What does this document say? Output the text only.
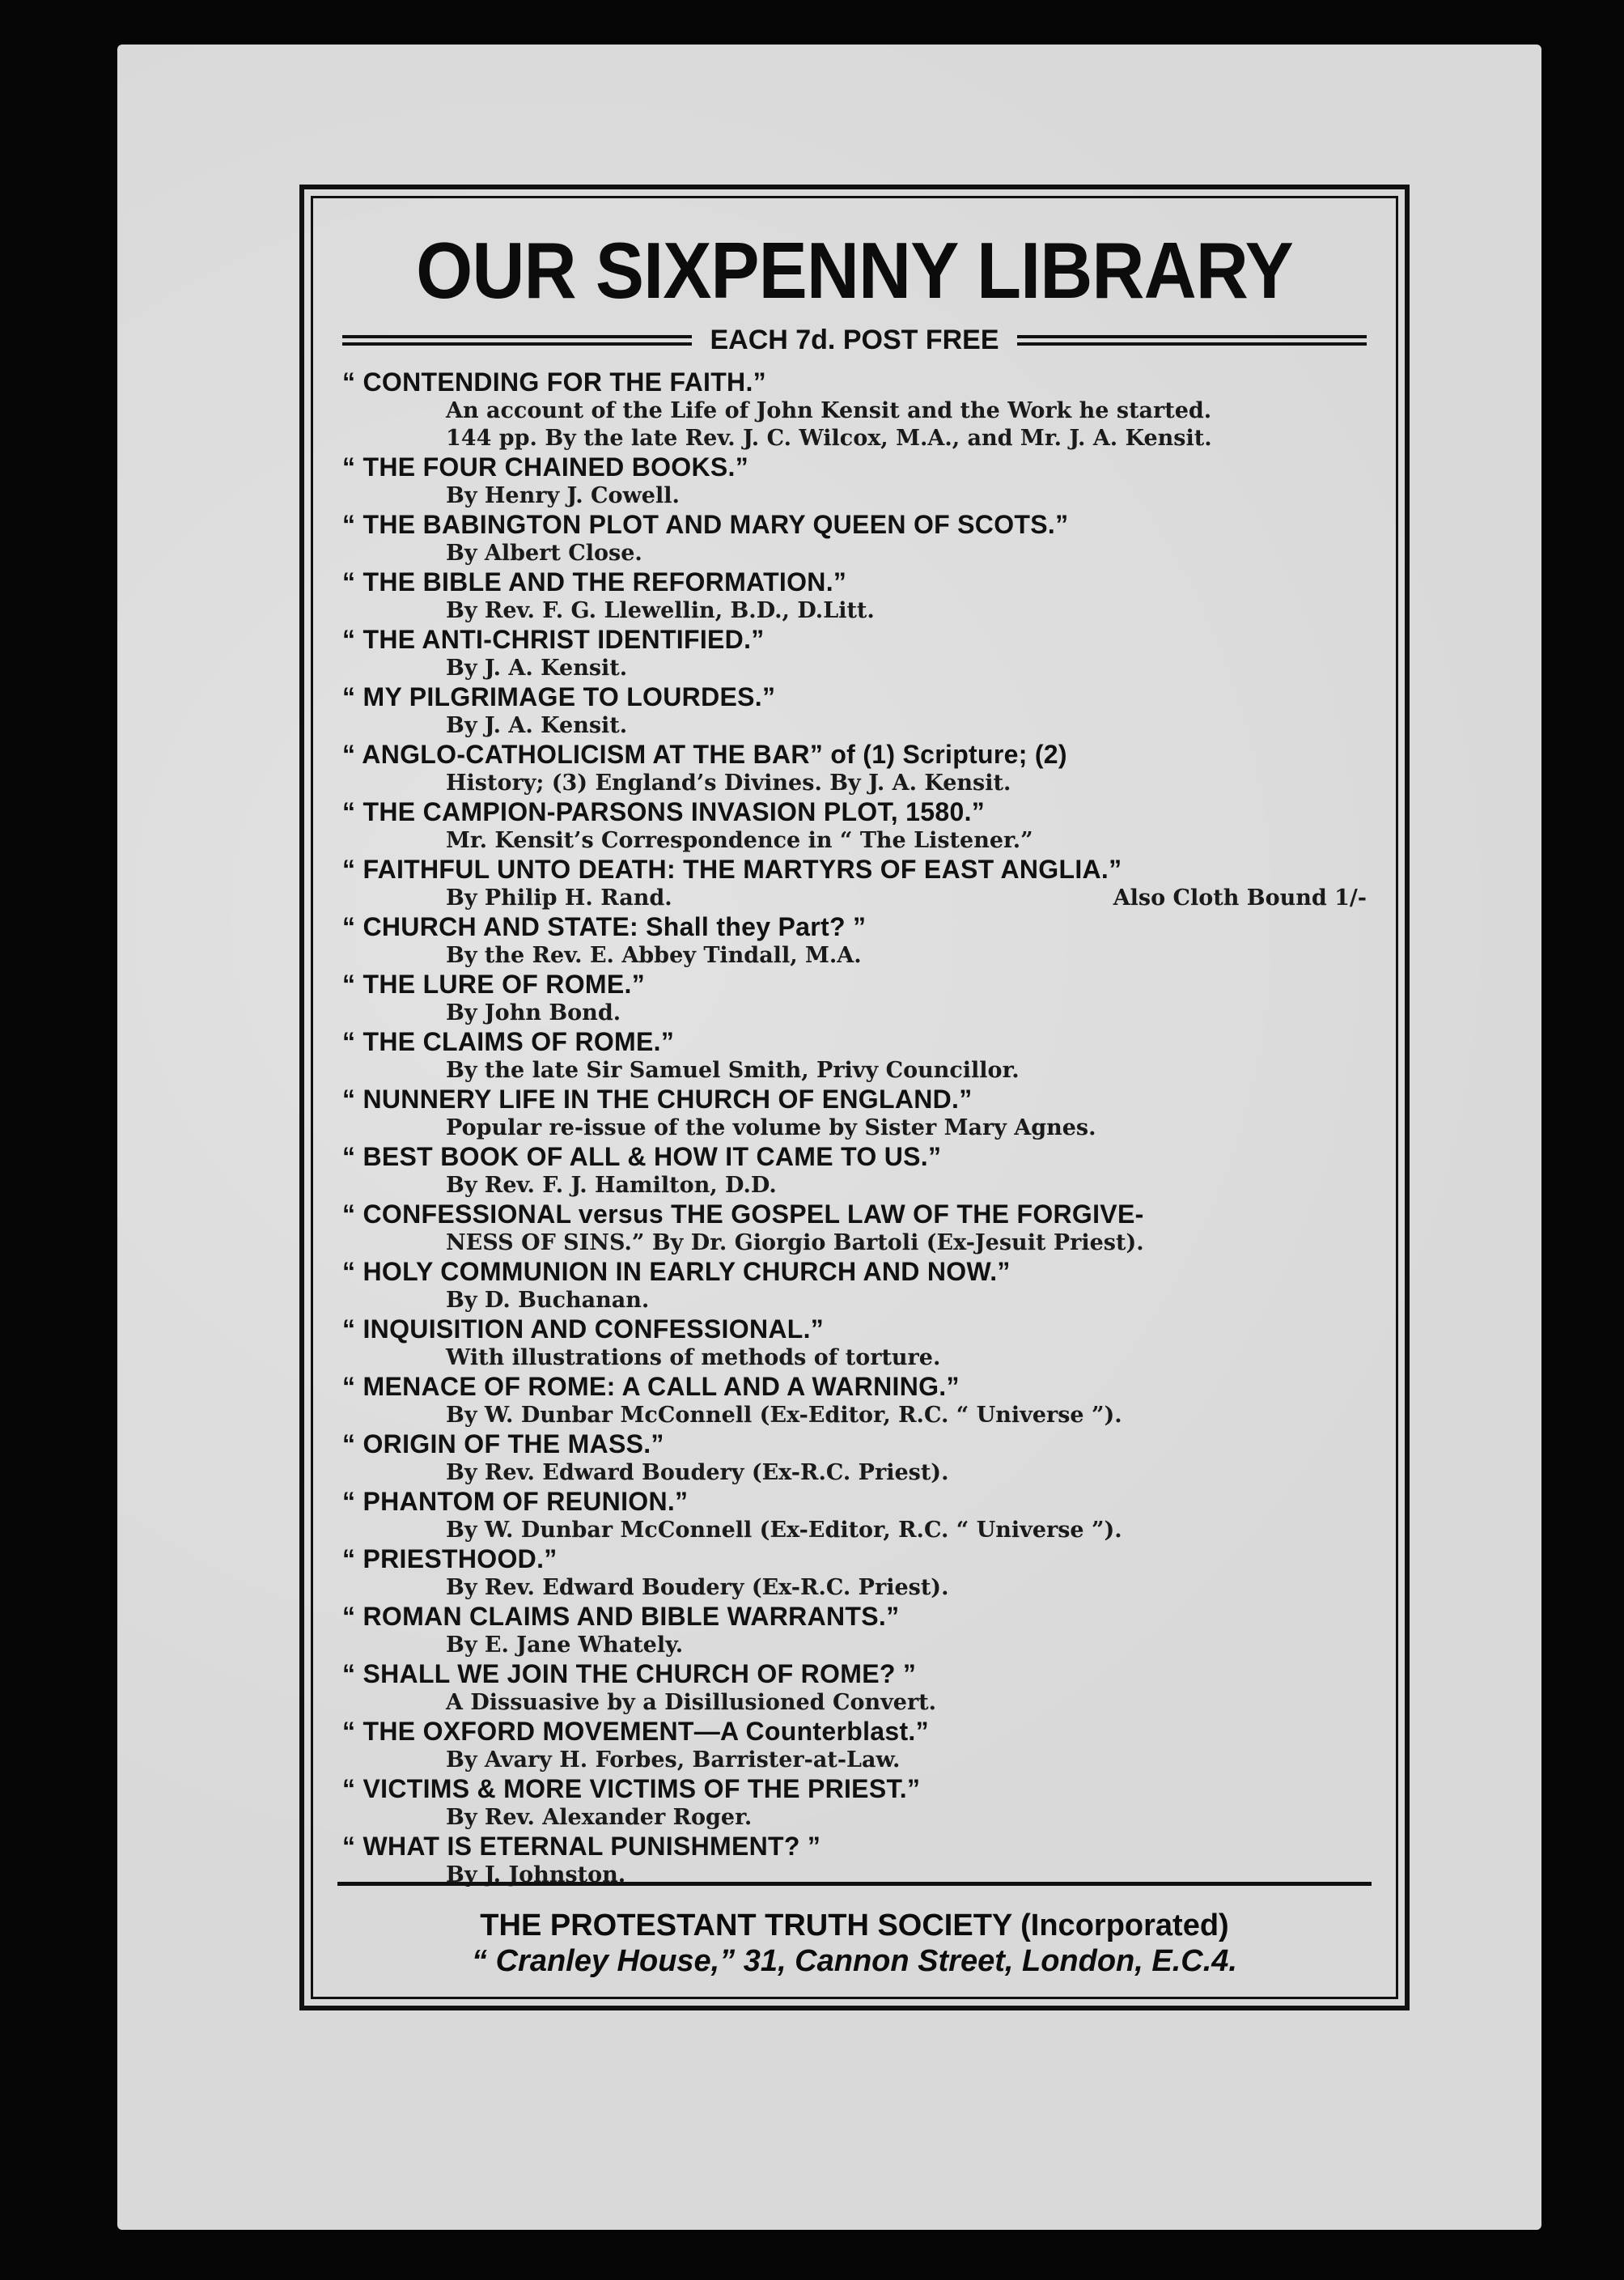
OUR SIXPENNY LIBRARY
EACH 7d. POST FREE
“ CONTENDING FOR THE FAITH.”
An account of the Life of John Kensit and the Work he started.
144 pp. By the late Rev. J. C. Wilcox, M.A., and Mr. J. A. Kensit.
“ THE FOUR CHAINED BOOKS.”
By Henry J. Cowell.
“ THE BABINGTON PLOT AND MARY QUEEN OF SCOTS.”
By Albert Close.
“ THE BIBLE AND THE REFORMATION.”
By Rev. F. G. Llewellin, B.D., D.Litt.
“ THE ANTI-CHRIST IDENTIFIED.”
By J. A. Kensit.
“ MY PILGRIMAGE TO LOURDES.”
By J. A. Kensit.
“ ANGLO-CATHOLICISM AT THE BAR” of (1) Scripture; (2)
History; (3) England’s Divines. By J. A. Kensit.
“ THE CAMPION-PARSONS INVASION PLOT, 1580.”
Mr. Kensit’s Correspondence in “ The Listener.”
“ FAITHFUL UNTO DEATH: THE MARTYRS OF EAST ANGLIA.”
By Philip H. Rand.	Also Cloth Bound 1/-
“ CHURCH AND STATE: Shall they Part? ”
By the Rev. E. Abbey Tindall, M.A.
“ THE LURE OF ROME.”
By John Bond.
“ THE CLAIMS OF ROME.”
By the late Sir Samuel Smith, Privy Councillor.
“ NUNNERY LIFE IN THE CHURCH OF ENGLAND.”
Popular re-issue of the volume by Sister Mary Agnes.
“ BEST BOOK OF ALL & HOW IT CAME TO US.”
By Rev. F. J. Hamilton, D.D.
“ CONFESSIONAL versus THE GOSPEL LAW OF THE FORGIVE-
NESS OF SINS.” By Dr. Giorgio Bartoli (Ex-Jesuit Priest).
“ HOLY COMMUNION IN EARLY CHURCH AND NOW.”
By D. Buchanan.
“ INQUISITION AND CONFESSIONAL.”
With illustrations of methods of torture.
“ MENACE OF ROME: A CALL AND A WARNING.”
By W. Dunbar McConnell (Ex-Editor, R.C. “ Universe ”).
“ ORIGIN OF THE MASS.”
By Rev. Edward Boudery (Ex-R.C. Priest).
“ PHANTOM OF REUNION.”
By W. Dunbar McConnell (Ex-Editor, R.C. “ Universe ”).
“ PRIESTHOOD.”
By Rev. Edward Boudery (Ex-R.C. Priest).
“ ROMAN CLAIMS AND BIBLE WARRANTS.”
By E. Jane Whately.
“ SHALL WE JOIN THE CHURCH OF ROME? ”
A Dissuasive by a Disillusioned Convert.
“ THE OXFORD MOVEMENT—A Counterblast.”
By Avary H. Forbes, Barrister-at-Law.
“ VICTIMS & MORE VICTIMS OF THE PRIEST.”
By Rev. Alexander Roger.
“ WHAT IS ETERNAL PUNISHMENT? ”
By J. Johnston.
THE PROTESTANT TRUTH SOCIETY (Incorporated)
“ Cranley House,” 31, Cannon Street, London, E.C.4.
